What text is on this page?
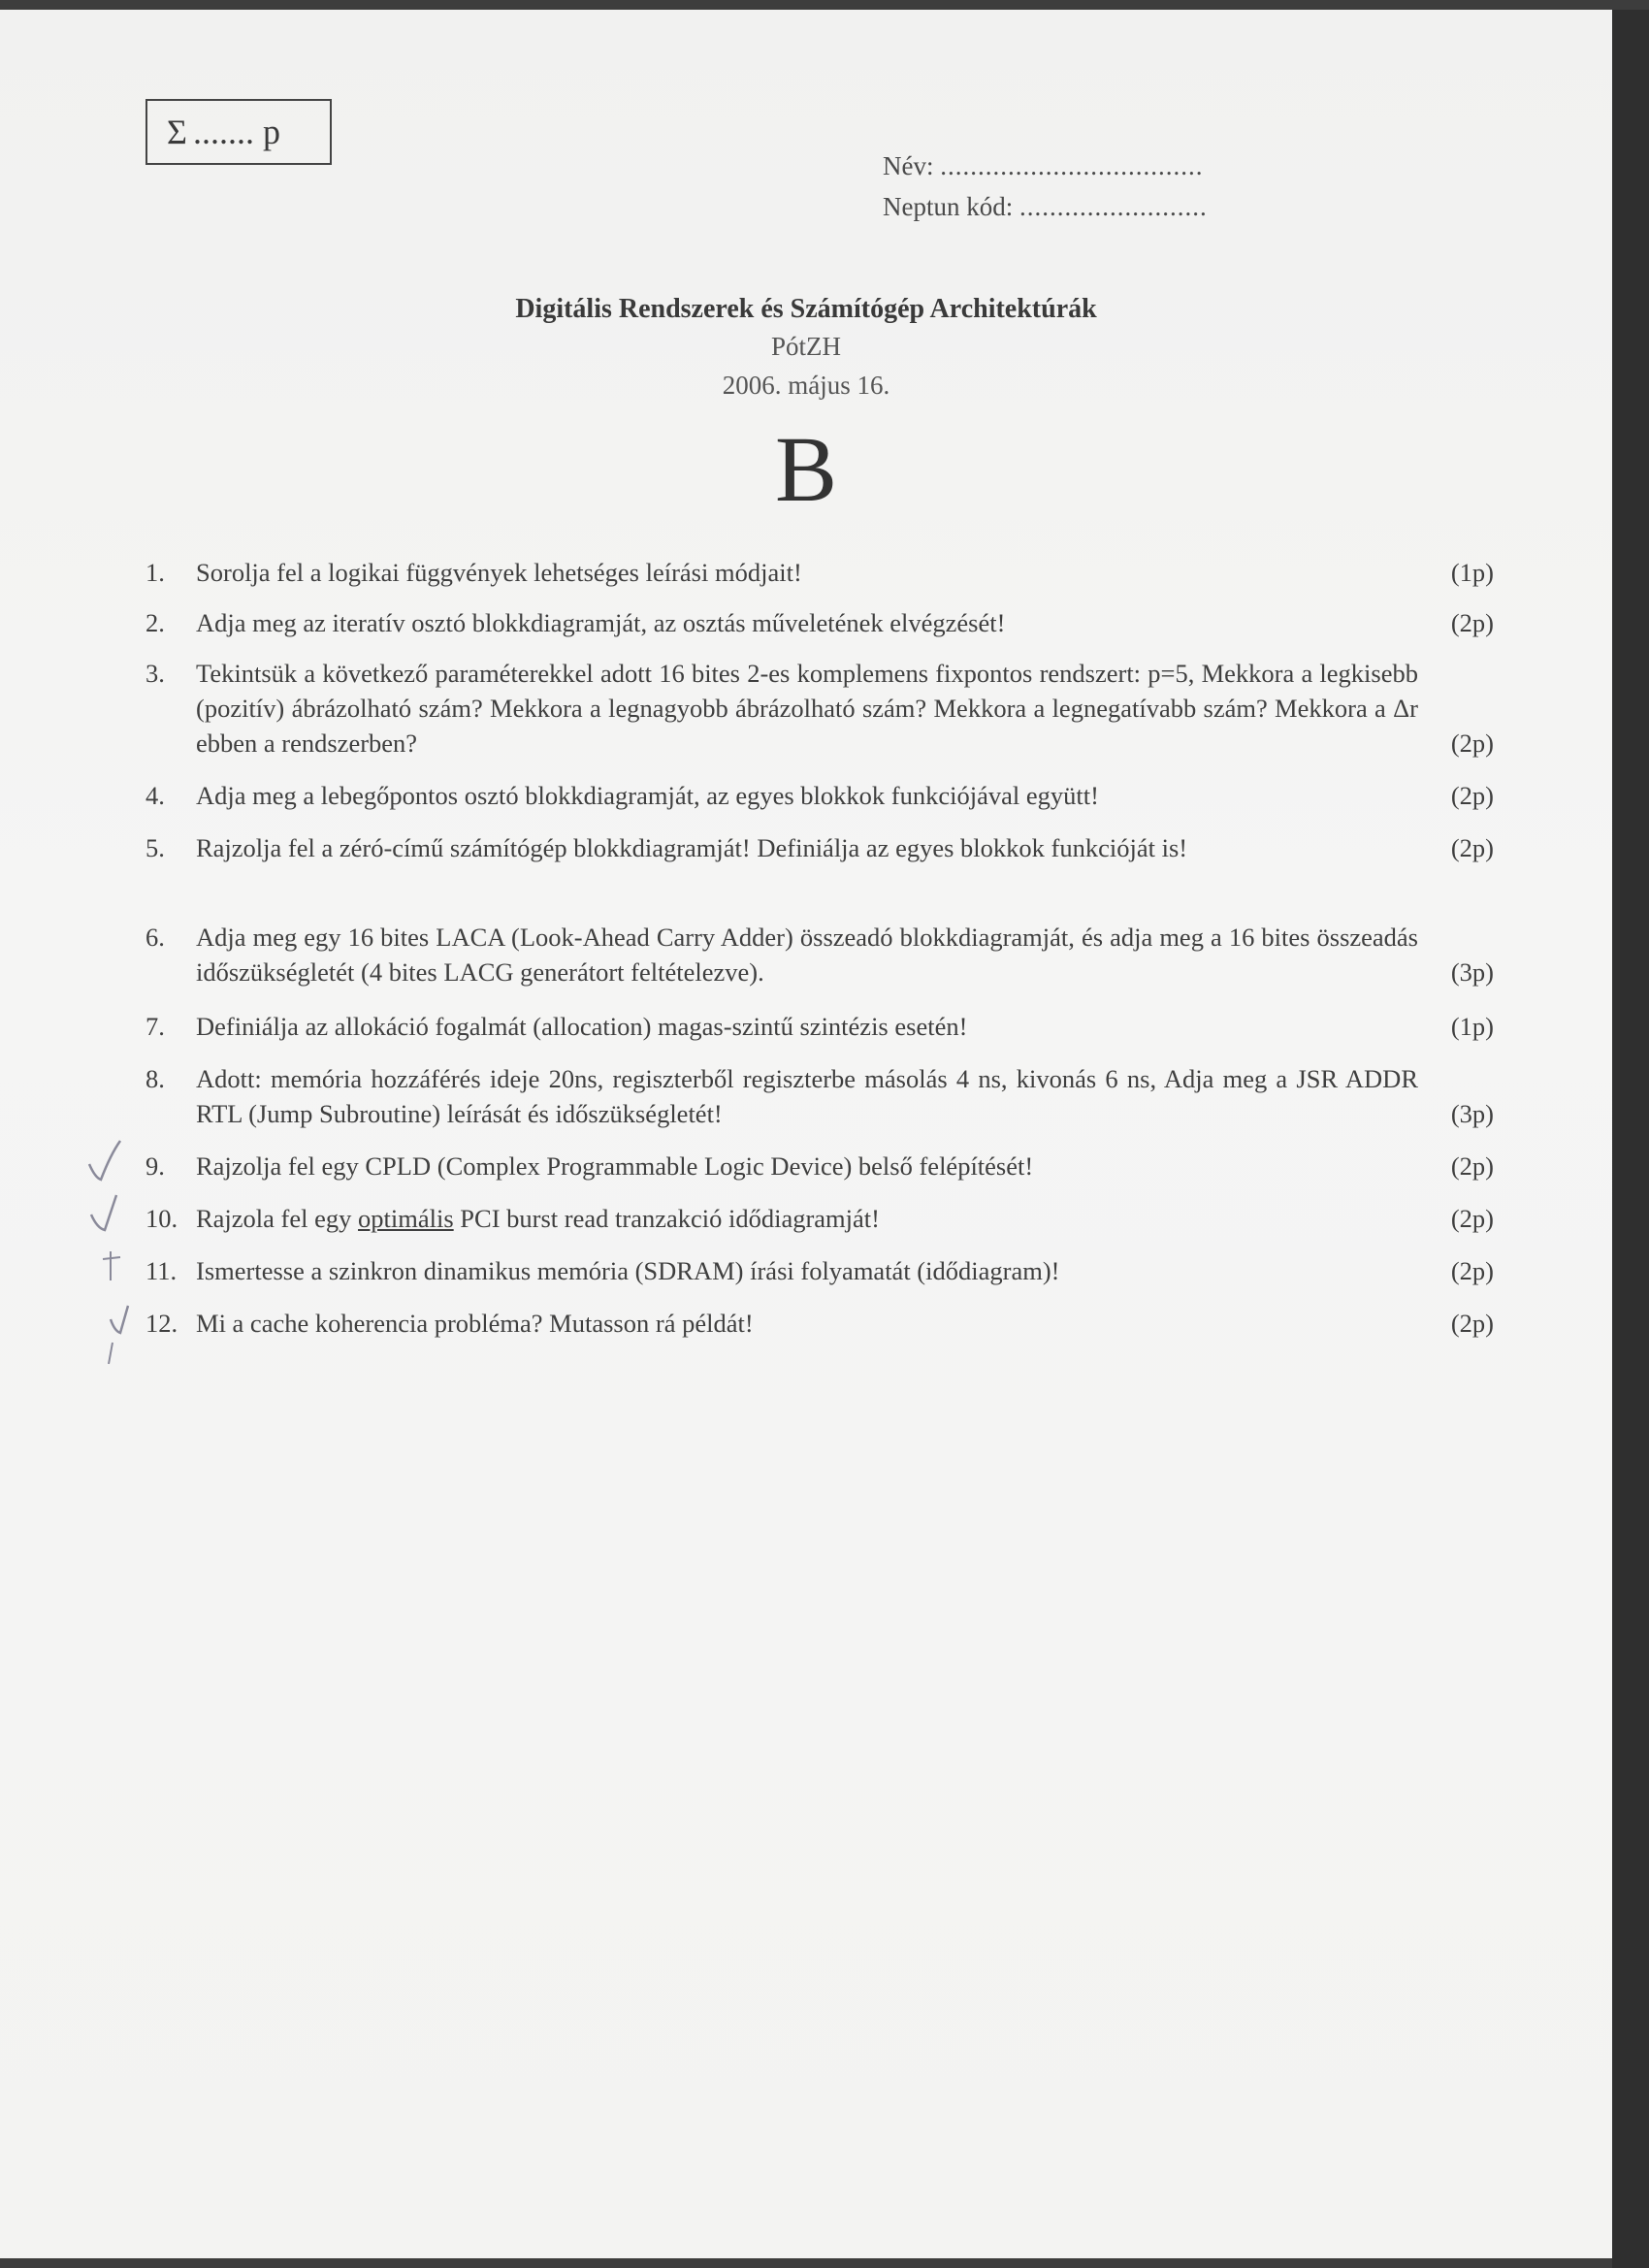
Σ ....... p
Név: ...................................
Neptun kód: .........................
Digitális Rendszerek és Számítógép Architektúrák
PótZH
2006. május 16.
B
1. Sorolja fel a logikai függvények lehetséges leírási módjait!	(1p)
2. Adja meg az iteratív osztó blokkdiagramját, az osztás műveletének elvégzését!	(2p)
3. Tekintsük a következő paraméterekkel adott 16 bites 2-es komplemens fixpontos rendszert: p=5, Mekkora a legkisebb (pozitív) ábrázolható szám? Mekkora a legnagyobb ábrázolható szám? Mekkora a legnegatívabb szám? Mekkora a Δr ebben a rendszerben?	(2p)
4. Adja meg a lebegőpontos osztó blokkdiagramját, az egyes blokkok funkciójával együtt!	(2p)
5. Rajzolja fel a zéró-című számítógép blokkdiagramját! Definiálja az egyes blokkok funkcióját is!	(2p)
6. Adja meg egy 16 bites LACA (Look-Ahead Carry Adder) összeadó blokkdiagramját, és adja meg a 16 bites összeadás időszükségletét (4 bites LACG generátort feltételezve).	(3p)
7. Definiálja az allokáció fogalmát (allocation) magas-szintű szintézis esetén!	(1p)
8. Adott: memória hozzáférés ideje 20ns, regiszterből regiszterbe másolás 4 ns, kivonás 6 ns, Adja meg a JSR ADDR RTL (Jump Subroutine) leírását és időszükségletét!	(3p)
9. Rajzolja fel egy CPLD (Complex Programmable Logic Device) belső felépítését!	(2p)
10. Rajzola fel egy optimális PCI burst read tranzakció idődiagramját!	(2p)
11. Ismertesse a szinkron dinamikus memória (SDRAM) írási folyamatát (idődiagram)!	(2p)
12. Mi a cache koherencia probléma? Mutasson rá példát!	(2p)
